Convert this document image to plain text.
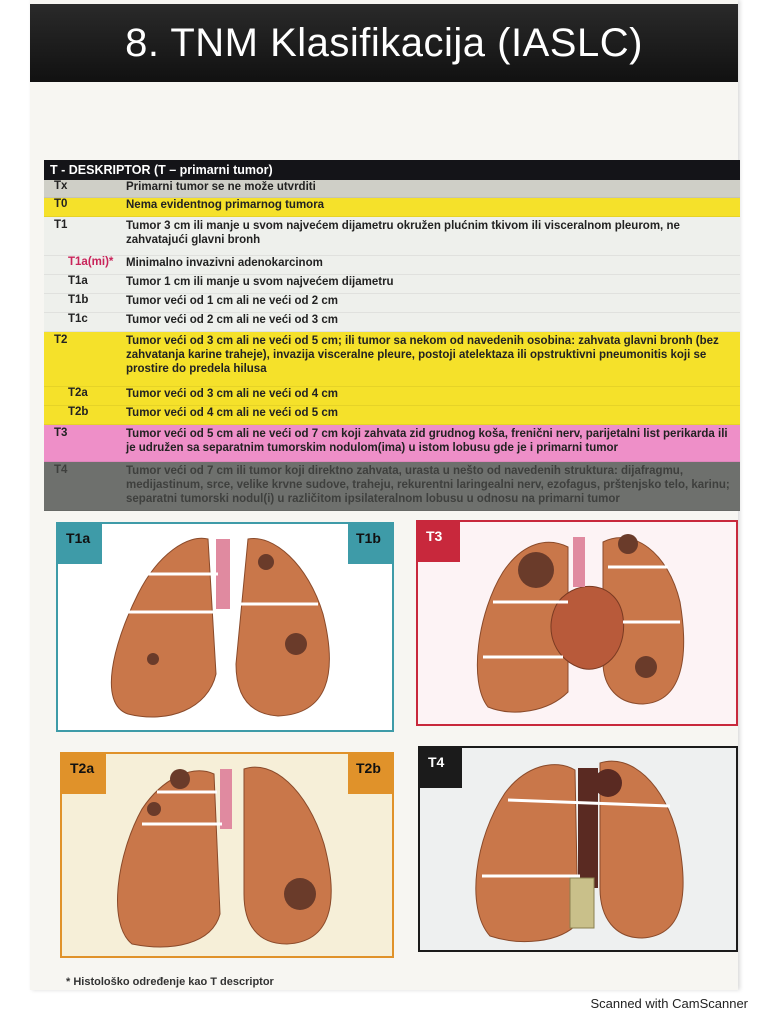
8. TNM Klasifikacija (IASLC)
T - DESKRIPTOR (T – primarni tumor)
Tx	Primarni tumor se ne može utvrditi
T0	Nema evidentnog primarnog tumora
T1	Tumor 3 cm ili manje u svom najvećem dijametru okružen plućnim tkivom ili visceralnom pleurom, ne zahvatajući glavni bronh
T1a(mi)*	Minimalno invazivni adenokarcinom
T1a	Tumor 1 cm ili manje u svom najvećem dijametru
T1b	Tumor veći od 1 cm ali ne veći od 2 cm
T1c	Tumor veći od 2 cm ali ne veći od 3 cm
T2	Tumor veći od 3 cm ali ne veći od 5 cm; ili tumor sa nekom od navedenih osobina: zahvata glavni bronh (bez zahvatanja karine traheje), invazija visceralne pleure, postoji atelektaza ili opstruktivni pneumonitis koji se prostire do predela hilusa
T2a	Tumor veći od 3 cm ali ne veći od 4 cm
T2b	Tumor veći od 4 cm ali ne veći od 5 cm
T3	Tumor veći od 5 cm ali ne veći od 7 cm koji zahvata zid grudnog koša, frenični nerv, parijetalni list perikarda ili je udružen sa separatnim tumorskim nodulom(ima) u istom lobusu gde je i primarni tumor
T4	Tumor veći od 7 cm ili tumor koji direktno zahvata, urasta u nešto od navedenih struktura: dijafragmu, medijastinum, srce, velike krvne sudove, traheju, rekurentni laringealni nerv, ezofagus, prštenjsko telo, karinu; separatni tumorski nodul(i) u različitom ipsilateralnom lobusu u odnosu na primarni tumor
T1a	T1b	T3
T2a	T2b	T4
* Histološko određenje kao T descriptor
Scanned with CamScanner
